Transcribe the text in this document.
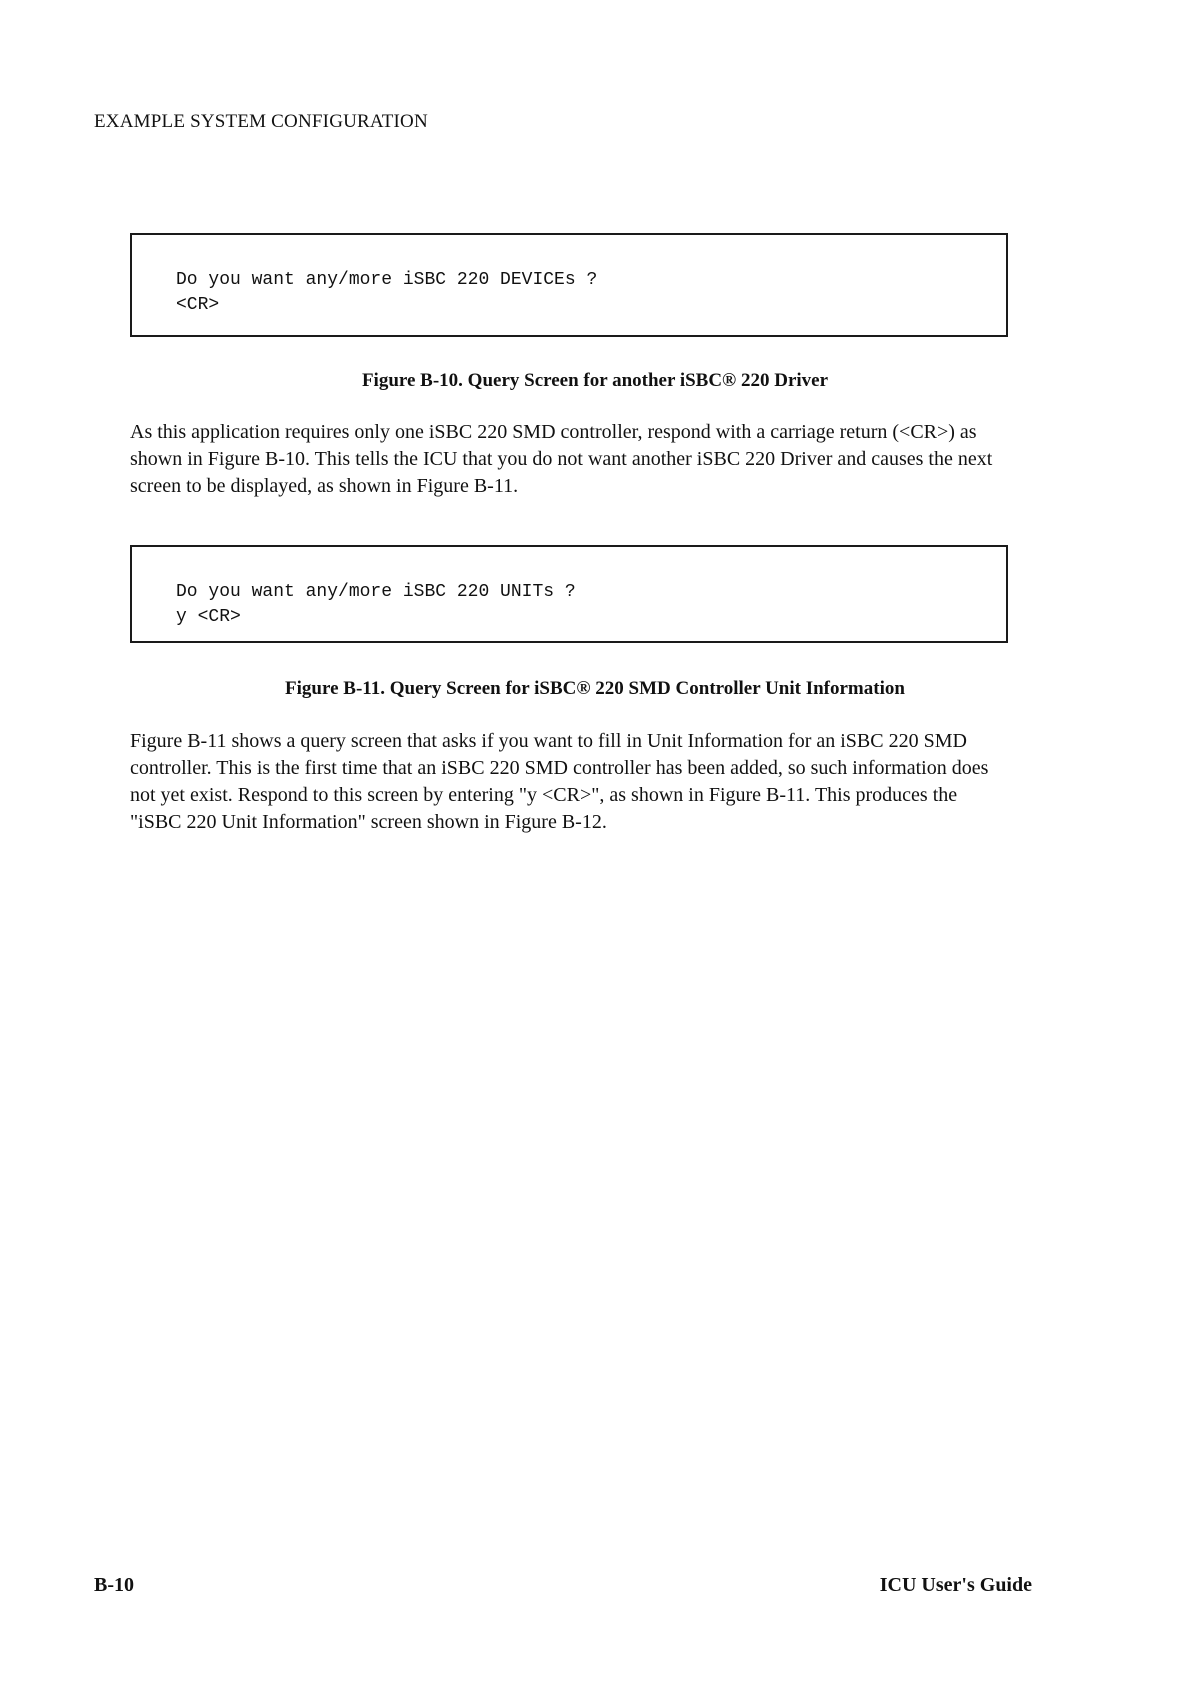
EXAMPLE SYSTEM CONFIGURATION
Do you want any/more iSBC 220 DEVICEs ?
<CR>
Figure B-10. Query Screen for another iSBC® 220 Driver

As this application requires only one iSBC 220 SMD controller, respond with a carriage return (<CR>) as shown in Figure B-10. This tells the ICU that you do not want another iSBC 220 Driver and causes the next screen to be displayed, as shown in Figure B-11.

Do you want any/more iSBC 220 UNITs ?
y <CR>
Figure B-11. Query Screen for iSBC® 220 SMD Controller Unit Information

Figure B-11 shows a query screen that asks if you want to fill in Unit Information for an iSBC 220 SMD controller. This is the first time that an iSBC 220 SMD controller has been added, so such information does not yet exist. Respond to this screen by entering "y <CR>", as shown in Figure B-11. This produces the "iSBC 220 Unit Information" screen shown in Figure B-12.

B-10	ICU User's Guide
